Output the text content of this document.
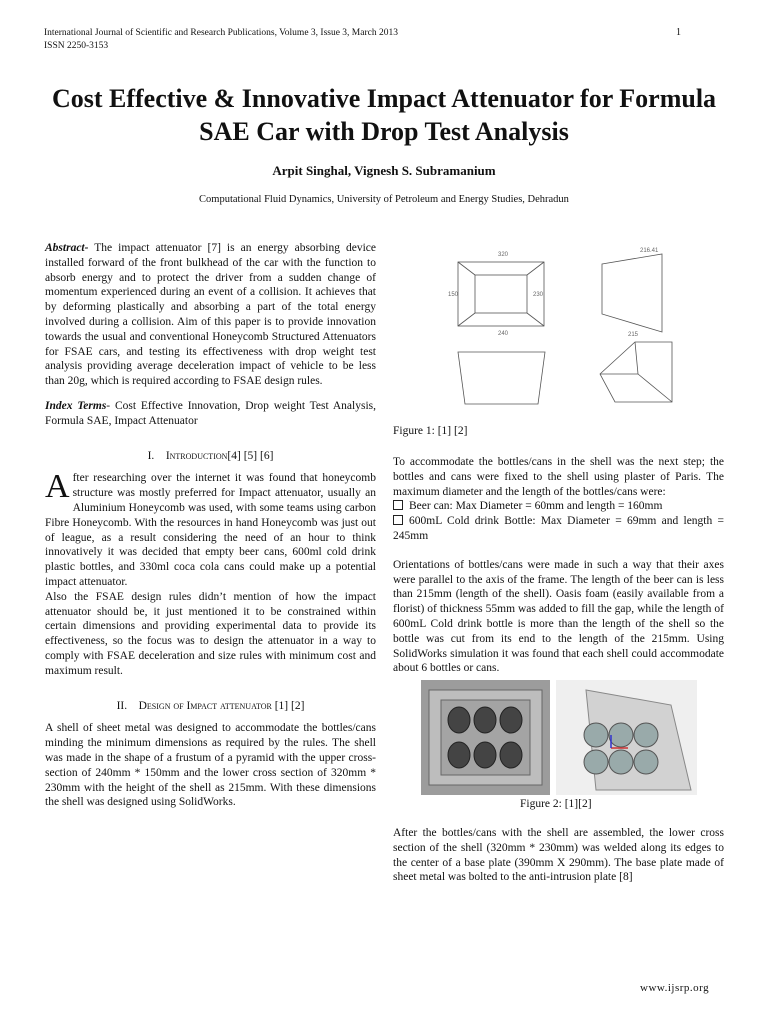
International Journal of Scientific and Research Publications, Volume 3, Issue 3, March 2013
ISSN 2250-3153
1
Cost Effective & Innovative Impact Attenuator for Formula SAE Car with Drop Test Analysis
Arpit Singhal, Vignesh S. Subramanium
Computational Fluid Dynamics, University of Petroleum and Energy Studies, Dehradun

Abstract- The impact attenuator [7] is an energy absorbing device installed forward of the front bulkhead of the car with the function to absorb energy and to protect the driver from a sudden change of momentum experienced during an event of a collision. It achieves that by deforming plastically and absorbing a part of the total energy involved during a collision. Aim of this paper is to provide innovation towards the usual and conventional Honeycomb Structured Attenuators for FSAE cars, and testing its effectiveness with drop weight test analysis providing average deceleration impact of vehicle to be less than 20g, which is required according to FSAE design rules.

Index Terms- Cost Effective Innovation, Drop weight Test Analysis, Formula SAE, Impact Attenuator

I. Introduction[4] [5] [6]

After researching over the internet it was found that honeycomb structure was mostly preferred for Impact attenuator, usually an Aluminium Honeycomb was used, with some teams using carbon Fibre Honeycomb. With the resources in hand Honeycomb was just out of league, as a result considering the need of an hour to think innovatively it was decided that empty beer cans, 600ml cold drink plastic bottles, and 330ml coca cola cans could make up a potential impact attenuator.

Also the FSAE design rules didn’t mention of how the impact attenuator should be, it just mentioned it to be constrained within certain dimensions and providing experimental data to provide its effectiveness, so the focus was to design the attenuator in a way to comply with FSAE deceleration and size rules with minimum cost and maximum result.

II. Design of Impact attenuator [1] [2]

A shell of sheet metal was designed to accommodate the bottles/cans minding the minimum dimensions as required by the rules. The shell was made in the shape of a frustum of a pyramid with the upper cross-section of 240mm * 150mm and the lower cross section of 320mm * 230mm with the height of the shell as 215mm. With these dimensions the shell was designed using SolidWorks.

320
240
150	230
215
216.41
Figure 1: [1] [2]

To accommodate the bottles/cans in the shell was the next step; the bottles and cans were fixed to the shell using plaster of Paris. The maximum diameter and the length of the bottles/cans were:

Beer can: Max Diameter = 60mm and length = 160mm
600mL Cold drink Bottle: Max Diameter = 69mm and length = 245mm

Orientations of bottles/cans were made in such a way that their axes were parallel to the axis of the frame. The length of the beer can is less than 215mm (length of the shell). Oasis foam (easily available from a florist) of thickness 55mm was added to fill the gap, while the length of 600mL Cold drink bottle is more than the length of the shell so the bottle was cut from its end to the length of the 215mm. Using SolidWorks simulation it was found that each shell could accommodate about 6 bottles or cans.

Figure 2: [1][2]

After the bottles/cans with the shell are assembled, the lower cross section of the shell (320mm * 230mm) was welded along its edges to the center of a base plate (390mm X 290mm). The base plate made of sheet metal was bolted to the anti-intrusion plate [8]

www.ijsrp.org
